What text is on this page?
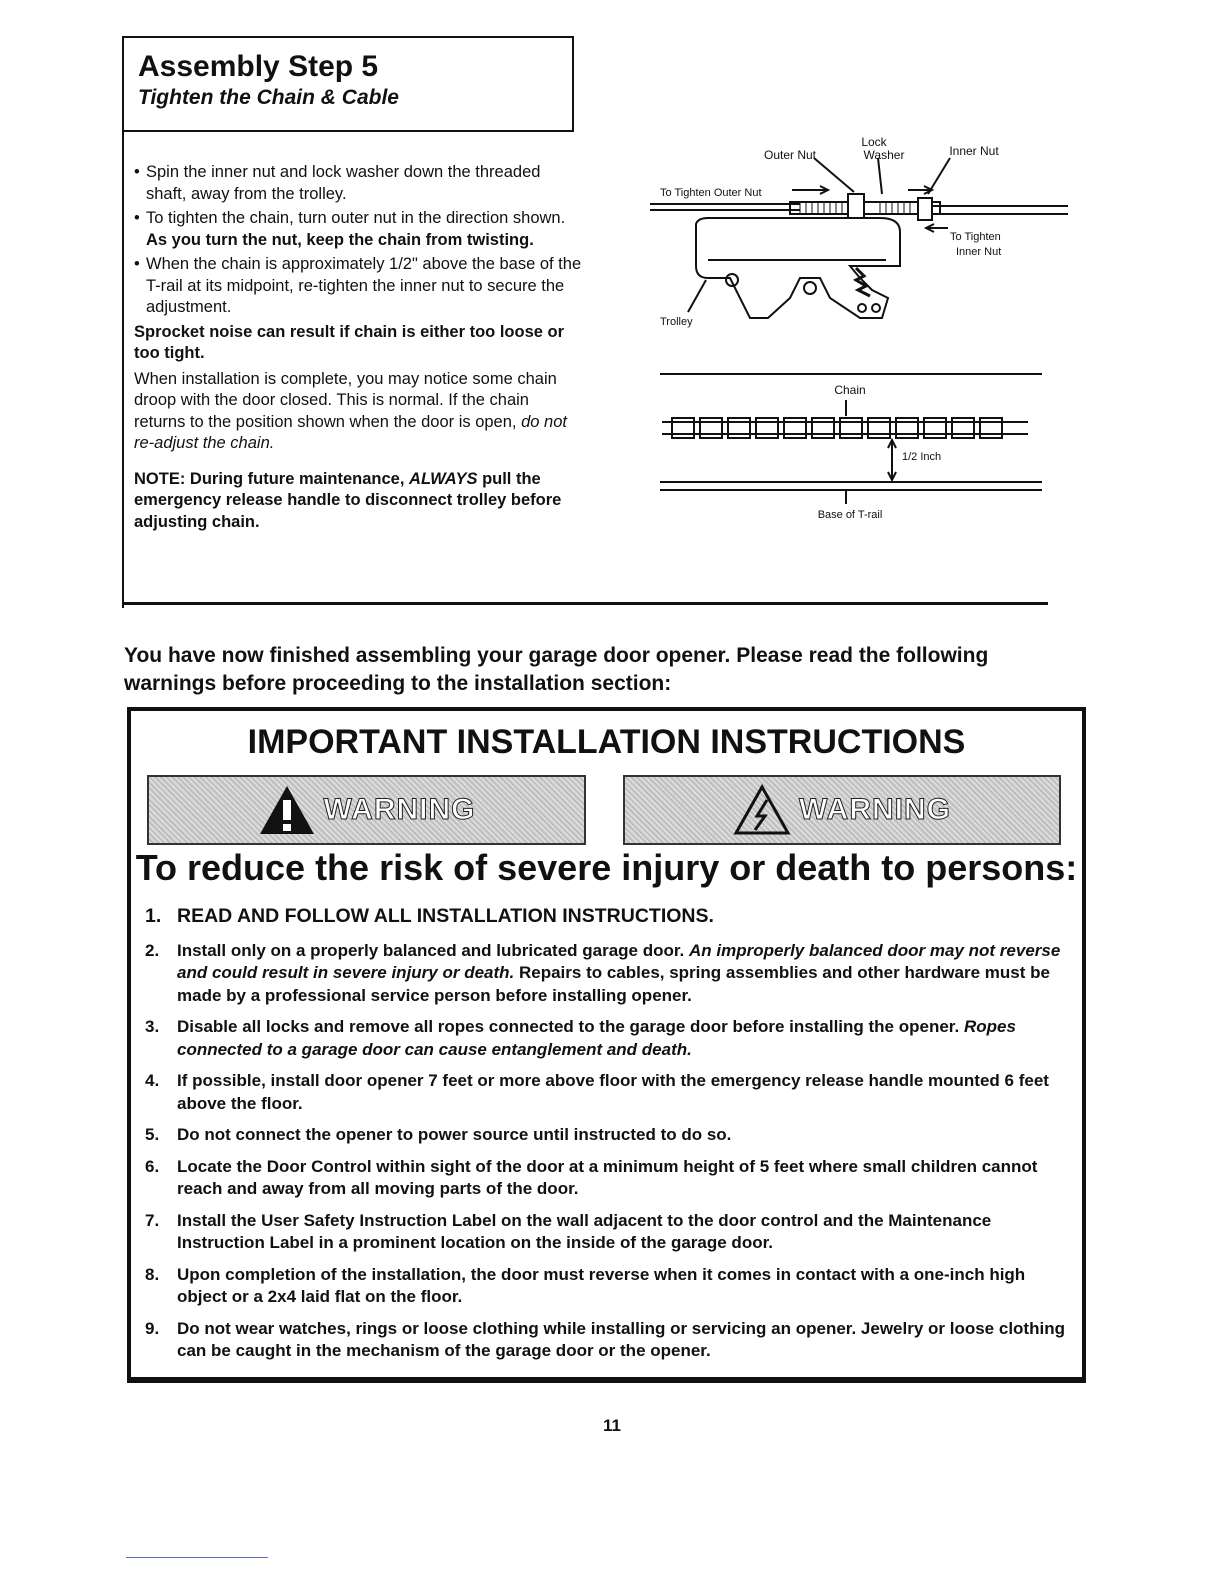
Assembly Step 5
Tighten the Chain & Cable
• Spin the inner nut and lock washer down the threaded shaft, away from the trolley.
• To tighten the chain, turn outer nut in the direction shown. As you turn the nut, keep the chain from twisting.
• When the chain is approximately 1/2" above the base of the T-rail at its midpoint, re-tighten the inner nut to secure the adjustment.
Sprocket noise can result if chain is either too loose or too tight.
When installation is complete, you may notice some chain droop with the door closed. This is normal. If the chain returns to the position shown when the door is open, do not re-adjust the chain.
NOTE: During future maintenance, ALWAYS pull the emergency release handle to disconnect trolley before adjusting chain.
Lock
Washer
Outer Nut	Inner Nut
To Tighten Outer Nut
To Tighten
Inner Nut
Trolley
Chain
1/2 Inch
Base of T-rail
You have now finished assembling your garage door opener. Please read the following warnings before proceeding to the installation section:
IMPORTANT INSTALLATION INSTRUCTIONS
WARNING	WARNING
To reduce the risk of severe injury or death to persons:
1. READ AND FOLLOW ALL INSTALLATION INSTRUCTIONS.
2. Install only on a properly balanced and lubricated garage door. An improperly balanced door may not reverse and could result in severe injury or death. Repairs to cables, spring assemblies and other hardware must be made by a professional service person before installing opener.
3. Disable all locks and remove all ropes connected to the garage door before installing the opener. Ropes connected to a garage door can cause entanglement and death.
4. If possible, install door opener 7 feet or more above floor with the emergency release handle mounted 6 feet above the floor.
5. Do not connect the opener to power source until instructed to do so.
6. Locate the Door Control within sight of the door at a minimum height of 5 feet where small children cannot reach and away from all moving parts of the door.
7. Install the User Safety Instruction Label on the wall adjacent to the door control and the Maintenance Instruction Label in a prominent location on the inside of the garage door.
8. Upon completion of the installation, the door must reverse when it comes in contact with a one-inch high object or a 2x4 laid flat on the floor.
9. Do not wear watches, rings or loose clothing while installing or servicing an opener. Jewelry or loose clothing can be caught in the mechanism of the garage door or the opener.
11
